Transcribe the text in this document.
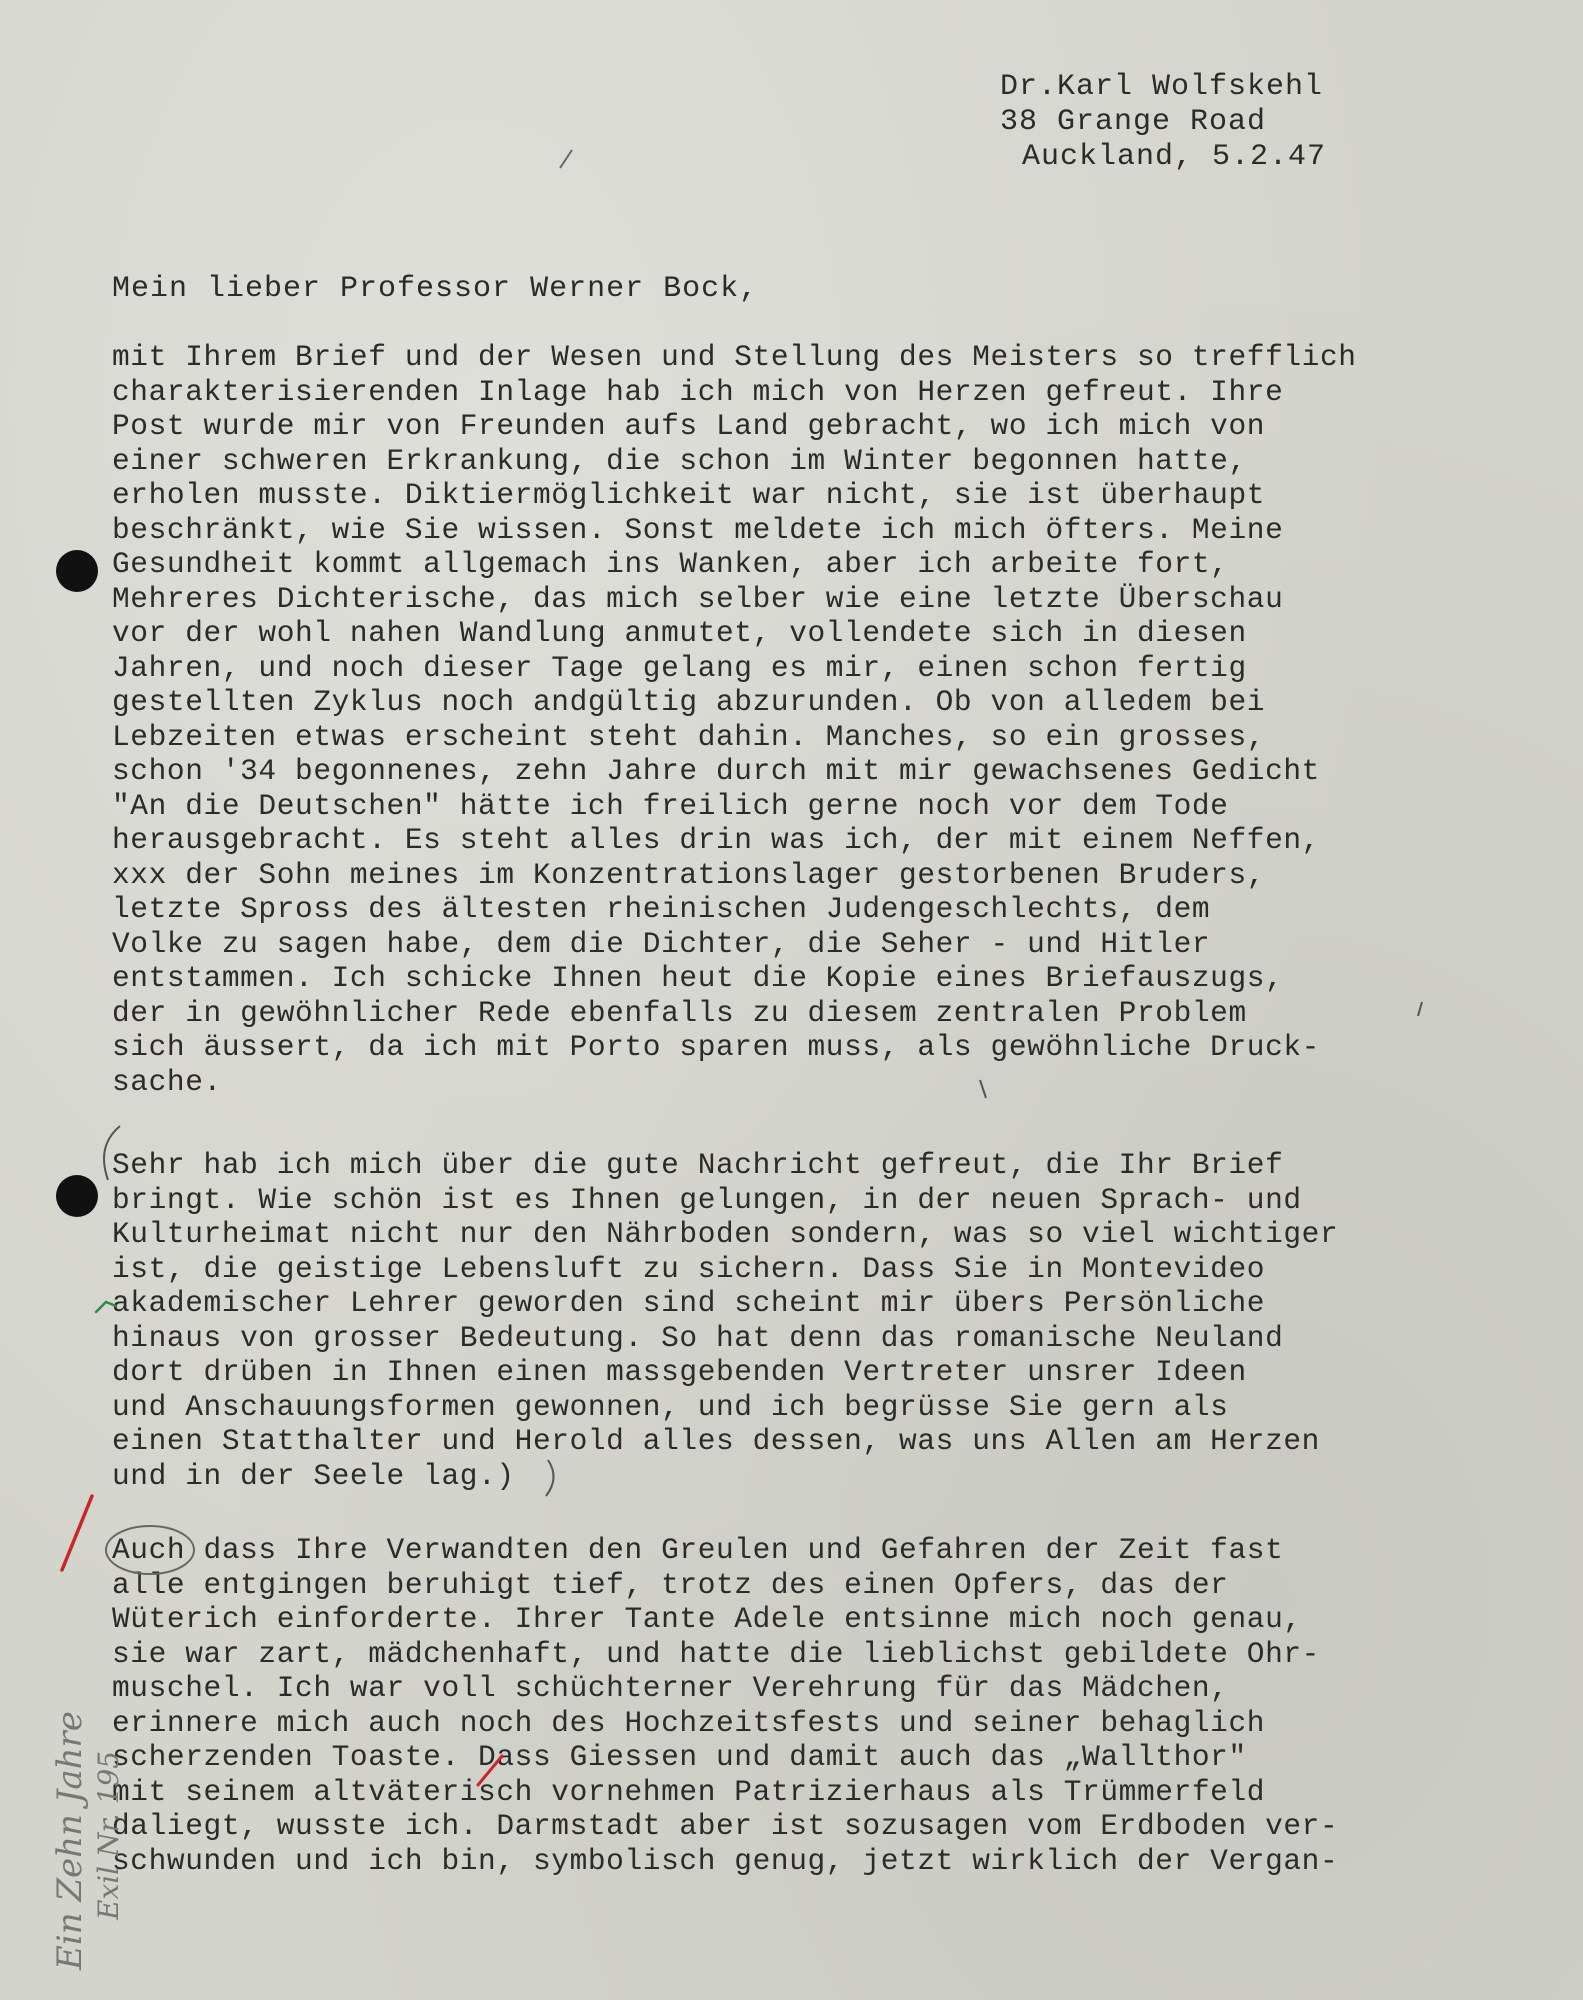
Dr.Karl Wolfskehl
38 Grange Road
Auckland, 5.2.47
Mein lieber Professor Werner Bock,
mit Ihrem Brief und der Wesen und Stellung des Meisters so trefflich
charakterisierenden Inlage hab ich mich von Herzen gefreut. Ihre
Post wurde mir von Freunden aufs Land gebracht, wo ich mich von
einer schweren Erkrankung, die schon im Winter begonnen hatte,
erholen musste. Diktiermöglichkeit war nicht, sie ist überhaupt
beschränkt, wie Sie wissen. Sonst meldete ich mich öfters. Meine
Gesundheit kommt allgemach ins Wanken, aber ich arbeite fort,
Mehreres Dichterische, das mich selber wie eine letzte Überschau
vor der wohl nahen Wandlung anmutet, vollendete sich in diesen
Jahren, und noch dieser Tage gelang es mir, einen schon fertig
gestellten Zyklus noch andgültig abzurunden. Ob von alledem bei
Lebzeiten etwas erscheint steht dahin. Manches, so ein grosses,
schon '34 begonnenes, zehn Jahre durch mit mir gewachsenes Gedicht
"An die Deutschen" hätte ich freilich gerne noch vor dem Tode
herausgebracht. Es steht alles drin was ich, der mit einem Neffen,
xxx der Sohn meines im Konzentrationslager gestorbenen Bruders,
letzte Spross des ältesten rheinischen Judengeschlechts, dem
Volke zu sagen habe, dem die Dichter, die Seher - und Hitler
entstammen. Ich schicke Ihnen heut die Kopie eines Briefauszugs,
der in gewöhnlicher Rede ebenfalls zu diesem zentralen Problem
sich äussert, da ich mit Porto sparen muss, als gewöhnliche Druck-
sache.
Sehr hab ich mich über die gute Nachricht gefreut, die Ihr Brief
bringt. Wie schön ist es Ihnen gelungen, in der neuen Sprach- und
Kulturheimat nicht nur den Nährboden sondern, was so viel wichtiger
ist, die geistige Lebensluft zu sichern. Dass Sie in Montevideo
akademischer Lehrer geworden sind scheint mir übers Persönliche
hinaus von grosser Bedeutung. So hat denn das romanische Neuland
dort drüben in Ihnen einen massgebenden Vertreter unsrer Ideen
und Anschauungsformen gewonnen, und ich begrüsse Sie gern als
einen Statthalter und Herold alles dessen, was uns Allen am Herzen
und in der Seele lag.)
Auch dass Ihre Verwandten den Greulen und Gefahren der Zeit fast
alle entgingen beruhigt tief, trotz des einen Opfers, das der
Wüterich einforderte. Ihrer Tante Adele entsinne mich noch genau,
sie war zart, mädchenhaft, und hatte die lieblichst gebildete Ohr-
muschel. Ich war voll schüchterner Verehrung für das Mädchen,
erinnere mich auch noch des Hochzeitsfests und seiner behaglich
scherzenden Toaste. Dass Giessen und damit auch das „Wallthor"
mit seinem altväterisch vornehmen Patrizierhaus als Trümmerfeld
daliegt, wusste ich. Darmstadt aber ist sozusagen vom Erdboden ver-
schwunden und ich bin, symbolisch genug, jetzt wirklich der Vergan-
Ein Zehn Jahre Exil Nr. 195
